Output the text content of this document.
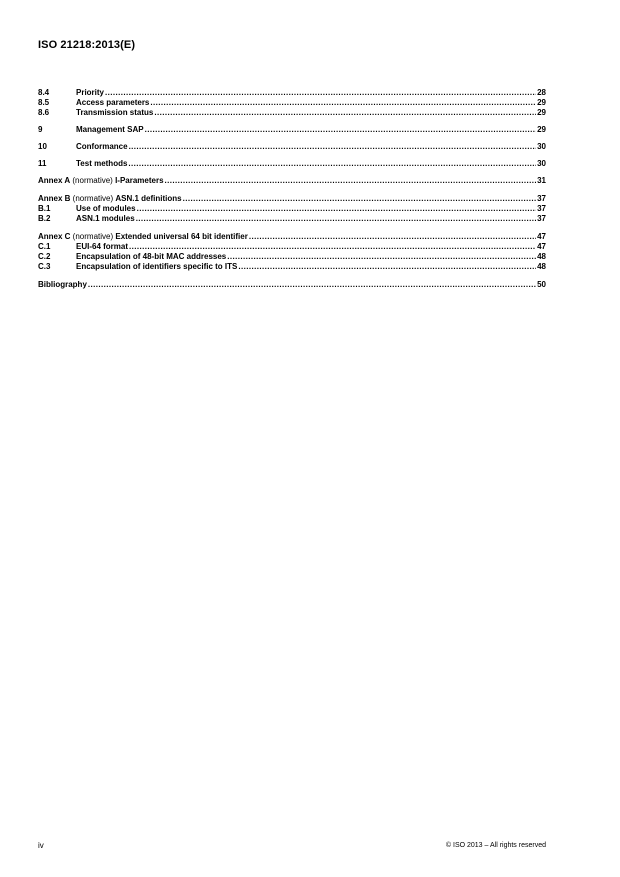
ISO 21218:2013(E)
8.4	Priority .....	28
8.5	Access parameters .....	29
8.6	Transmission status .....	29
9	Management SAP .....	29
10	Conformance .....	30
11	Test methods .....	30
Annex A (normative) I-Parameters .....	31
Annex B (normative) ASN.1 definitions .....	37
B.1	Use of modules .....	37
B.2	ASN.1 modules .....	37
Annex C (normative) Extended universal 64 bit identifier .....	47
C.1	EUI-64 format .....	47
C.2	Encapsulation of 48-bit MAC addresses .....	48
C.3	Encapsulation of identifiers specific to ITS .....	48
Bibliography .....	50
iv	© ISO 2013 – All rights reserved
